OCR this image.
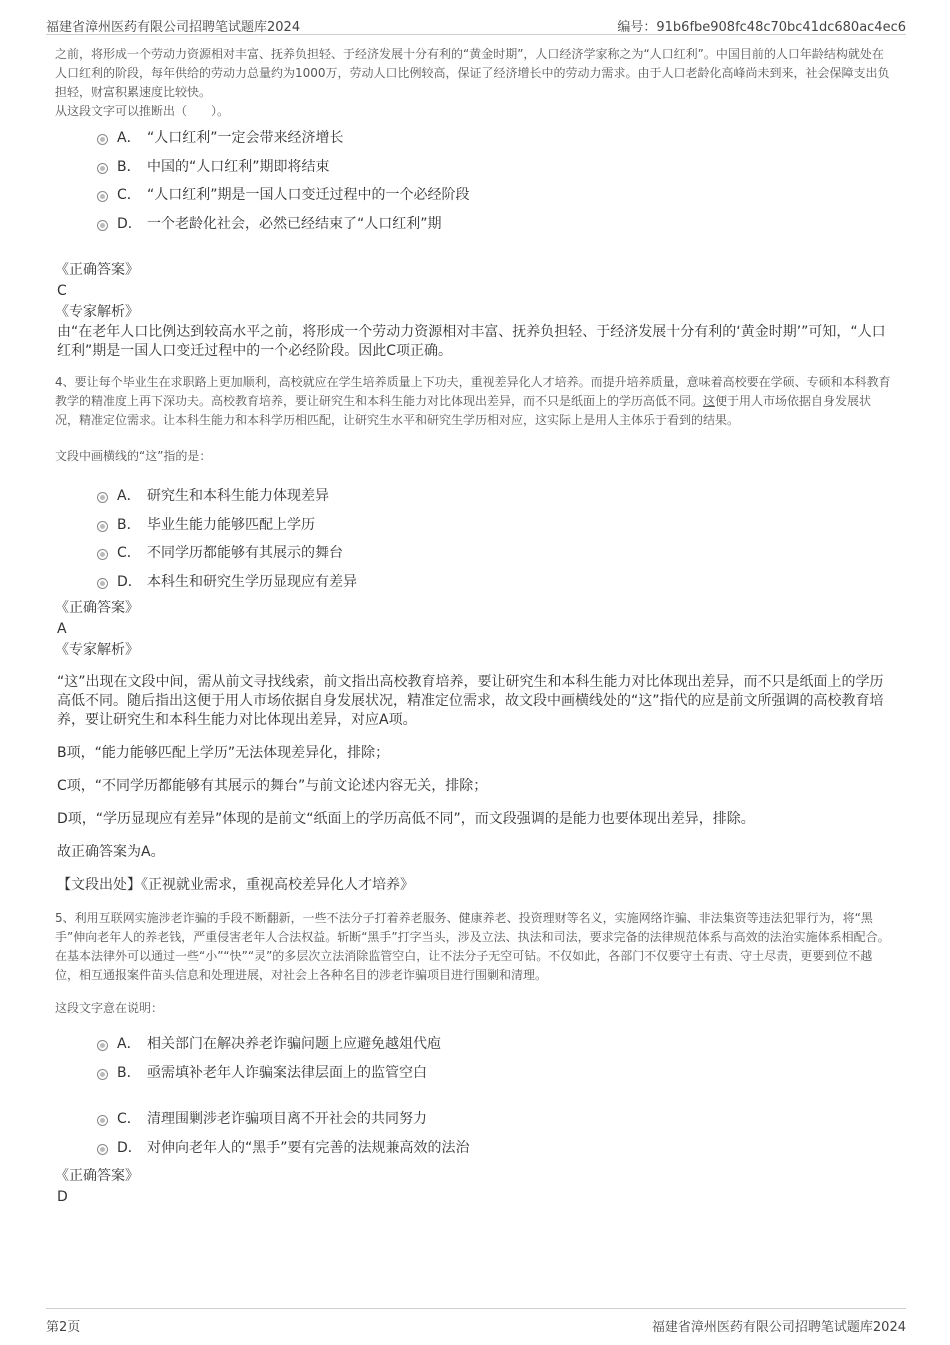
福建省漳州医药有限公司招聘笔试题库2024	编号：91b6fbe908fc48c70bc41dc680ac4ec6

之前，将形成一个劳动力资源相对丰富、抚养负担轻、于经济发展十分有利的“黄金时期”，人口经济学家称之为“人口红利”。中国目前的人口年龄结构就处在人口红利的阶段，每年供给的劳动力总量约为1000万，劳动人口比例较高，保证了经济增长中的劳动力需求。由于人口老龄化高峰尚未到来，社会保障支出负担轻，财富积累速度比较快。

从这段文字可以推断出（　　）。

A． “人口红利”一定会带来经济增长
B． 中国的“人口红利”期即将结束
C． “人口红利”期是一国人口变迁过程中的一个必经阶段
D． 一个老龄化社会，必然已经结束了“人口红利”期

《正确答案》

C

《专家解析》

由“在老年人口比例达到较高水平之前，将形成一个劳动力资源相对丰富、抚养负担轻、于经济发展十分有利的‘黄金时期’”可知，“人口红利”期是一国人口变迁过程中的一个必经阶段。因此C项正确。

4、要让每个毕业生在求职路上更加顺利，高校就应在学生培养质量上下功夫，重视差异化人才培养。而提升培养质量，意味着高校要在学硕、专硕和本科教育教学的精准度上再下深功夫。高校教育培养，要让研究生和本科生能力对比体现出差异，而不只是纸面上的学历高低不同。这便于用人市场依据自身发展状况，精准定位需求。让本科生能力和本科学历相匹配，让研究生水平和研究生学历相对应，这实际上是用人主体乐于看到的结果。

文段中画横线的“这”指的是：

A． 研究生和本科生能力体现差异
B． 毕业生能力能够匹配上学历
C． 不同学历都能够有其展示的舞台
D． 本科生和研究生学历显现应有差异

《正确答案》

A

《专家解析》

“这”出现在文段中间，需从前文寻找线索，前文指出高校教育培养，要让研究生和本科生能力对比体现出差异，而不只是纸面上的学历高低不同。随后指出这便于用人市场依据自身发展状况，精准定位需求，故文段中画横线处的“这”指代的应是前文所强调的高校教育培养，要让研究生和本科生能力对比体现出差异，对应A项。

B项，“能力能够匹配上学历”无法体现差异化，排除；

C项，“不同学历都能够有其展示的舞台”与前文论述内容无关，排除；

D项，“学历显现应有差异”体现的是前文“纸面上的学历高低不同”，而文段强调的是能力也要体现出差异，排除。

故正确答案为A。

【文段出处】《正视就业需求，重视高校差异化人才培养》

5、利用互联网实施涉老诈骗的手段不断翻新，一些不法分子打着养老服务、健康养老、投资理财等名义，实施网络诈骗、非法集资等违法犯罪行为，将“黑手”伸向老年人的养老钱，严重侵害老年人合法权益。斩断“黑手”打字当头，涉及立法、执法和司法，要求完备的法律规范体系与高效的法治实施体系相配合。在基本法律外可以通过一些“小”“快”“灵”的多层次立法消除监管空白，让不法分子无空可钻。不仅如此，各部门不仅要守土有责、守土尽责，更要到位不越位，相互通报案件苗头信息和处理进展，对社会上各种名目的涉老诈骗项目进行围剿和清理。

这段文字意在说明：

A． 相关部门在解决养老诈骗问题上应避免越俎代庖
B． 亟需填补老年人诈骗案法律层面上的监管空白
C． 清理围剿涉老诈骗项目离不开社会的共同努力
D． 对伸向老年人的“黑手”要有完善的法规兼高效的法治

《正确答案》

D

第2页	福建省漳州医药有限公司招聘笔试题库2024
